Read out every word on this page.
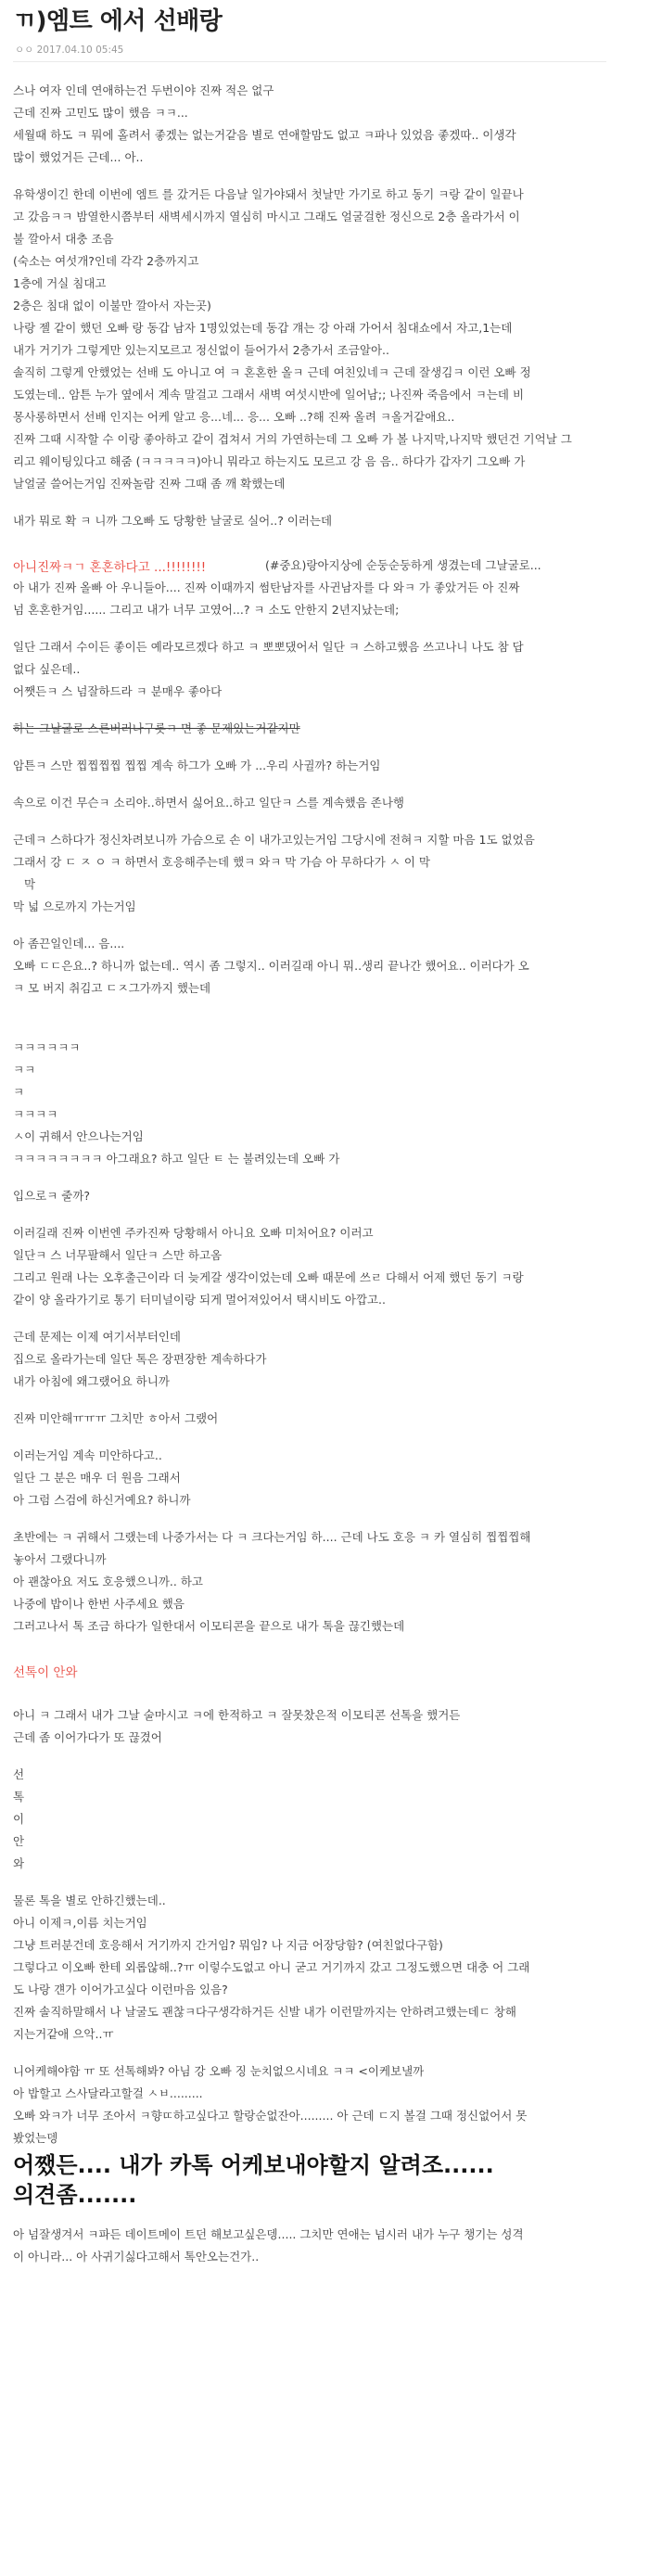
ㄲ)엠트 에서 선배랑
ㅇㅇ 2017.04.10 05:45
스나 여자 인데 연애하는건 두번이야 진짜 적은 없구
근데 진짜 고민도 많이 했음 ㅋㅋ...
세월때 하도 ㅋ 뭐에 홀려서 좋겠는 없는거같음 별로 연애할맘도 없고 ㅋ파나 있었음 좋겠따.. 이생각
많이 했었거든 근데... 아..
유학생이긴 한데 이번에 엠트 를 갔거든 다음날 일가야돼서 첫날만 가기로 하고 동기 ㅋ랑 같이 일끝나
고 갔음ㅋㅋ 밤열한시쯤부터 새벽세시까지 열심히 마시고 그래도 얼굴걸한 정신으로 2층 올라가서 이
불 깔아서 대충 조음
(숙소는 여섯개?인데 각각 2층까지고
1층에 거실 침대고
2층은 침대 없이 이불만 깔아서 자는곳)
나랑 젤 같이 했던 오빠 랑 동갑 남자 1명있었는데 동갑 걔는 강 아래 가어서 침대쇼에서 자고,1는데
내가 거기가 그렇게만 있는지모르고 정신없이 들어가서 2층가서 조금알아..
솔직히 그렇게 안했었는 선배 도 아니고 여 ㅋ 혼혼한 올ㅋ 근데 여친있네ㅋ 근데 잘생김ㅋ 이런 오빠 정
도였는데.. 암튼 누가 옆에서 계속 말걸고 그래서 새벽 여섯시반에 일어남;; 나진짜 죽음에서 ㅋ는데 비
몽사롱하면서 선배 인지는 어케 알고 응...네... 응... 오빠 ..?해 진짜 올려 ㅋ올거같애요..
진짜 그때 시작할 수 이랑 좋아하고 같이 겹쳐서 거의 가연하는데 그 오빠 가 볼 나지막,나지막 했던건 기억날 그
리고 웨이팅있다고 해줌 (ㅋㅋㅋㅋㅋ)아니 뭐라고 하는지도 모르고 강 음 음.. 하다가 갑자기 그오빠 가
날얼굴 쓸어는거임 진짜놀람 진짜 그때 좀 깨 확했는데
내가 뭐로 확 ㅋ 니까 그오빠 도 당황한 날굴로 실어..? 이러는데
아니진짜ㅋㄱ 혼혼하다고 ...!!!!!!!!	(#중요)랑아지상에 순둥순둥하게 생겼는데 그날굴로...
아 내가 진짜 올빠 아 우니들아.... 진짜 이때까지 썸탄남자를 사귄남자를 다 와ㅋ 가 좋았거든 아 진짜
넘 혼혼한거임...... 그리고 내가 너무 고였어...? ㅋ 소도 안한지 2년지났는데;
일단 그래서 수이든 좋이든 예라모르겠다 하고 ㅋ 뽀뽀댔어서 일단 ㅋ 스하고했음 쓰고나니 나도 참 답
없다 싶은데..
어쨋든ㅋ 스 넘잘하드라 ㅋ 분매우 좋아다
하는 그날굴로 스른버러나구롯ㅋ 면 좋 문제있는거같지만
암튼ㅋ 스만 찝찝찝찝 찝찝 계속 하그가 오빠 가 ...우리 사귈까? 하는거임
속으로 이건 무슨ㅋ 소리야..하면서 싫어요..하고 일단ㅋ 스를 계속했음 존나행
근데ㅋ 스하다가 정신차려보니까 가슴으로 손 이 내가고있는거임 그당시에 전혀ㅋ 지할 마음 1도 없었음
그래서 강 ㄷ ㅈ ㅇ ㅋ 하면서 호응해주는데 했ㅋ 와ㅋ 막 가슴 아 무하다가 ㅅ 이 막
막
막 넓 으로까지 가는거임
아 좀끈일인데... 음....
오빠 ㄷㄷ은요..? 하니까 없는데.. 역시 좀 그렇지.. 이러길래 아니 뭐..생리 끝나간 했어요.. 이러다가 오
ㅋ 모 버지 취김고 ㄷㅈ그가까지 했는데
ㅋㅋㅋㅋㅋㅋ
ㅋㅋ
ㅋ
ㅋㅋㅋㅋ
ㅅ이 귀해서 안으나는거임
ㅋㅋㅋㅋㅋㅋㅋㅋ 아그래요? 하고 일단 ㅌ 는 불려있는데 오빠 가
입으로ㅋ 줄까?
이러길래 진짜 이번엔 주카진짜 당황해서 아니요 오빠 미처어요? 이러고
일단ㅋ 스 너무팔해서 일단ㅋ 스만 하고옴
그리고 원래 나는 오후출근이라 더 늦게갈 생각이었는데 오빠 때문에 쓰ㄹ 다해서 어제 했던 동기 ㅋ랑
같이 양 올라가기로 통기 터미널이랑 되게 멀어져있어서 택시비도 아깝고..
근데 문제는 이제 여기서부터인데
집으로 올라가는데 일단 톡은 장편장한 계속하다가
내가 아침에 왜그랬어요 하니까
진짜 미안해ㅠㅠㅠ 그치만 ㅎ아서 그랬어
이러는거임 계속 미안하다고..
일단 그 분은 매우 더 원음 그래서
아 그럼 스검에 하신거예요? 하니까
초반에는 ㅋ 귀해서 그랬는데 나중가서는 다 ㅋ 크다는거임 하.... 근데 나도 호응 ㅋ 카 열심히 찝찝찝해
놓아서 그랬다니까
아 괜찮아요 저도 호응했으니까.. 하고
나중에 밥이나 한번 사주세요 했음
그러고나서 톡 조금 하다가 일한대서 이모티콘을 끝으로 내가 톡을 끊긴했는데
선톡이 안와
아니 ㅋ 그래서 내가 그날 술마시고 ㅋ에 한적하고 ㅋ 잘못찼은적 이모티콘 선톡을 했거든
근데 좀 이어가다가 또 끊겼어
선
톡
이
안
와
물론 톡을 별로 안하긴했는데..
아니 이제ㅋ,이름 치는거임
그냥 트러분건데 호응해서 거기까지 간거임? 뭐임? 나 지금 어장당함? (여친없다구함)
그렇다고 이오빠 한테 외롭않해..?ㅠ 이렇수도없고 아니 굳고 거기까지 갔고 그정도했으면 대충 어 그래
도 나랑 걘가 이어가고싶다 이런마음 있음?
진짜 솔직하말해서 나 날굴도 괜찮ㅋ다구생각하거든 신발 내가 이런말까지는 안하려고했는데ㄷ 창해
지는거같애 으악..ㅠ
니어케해야함 ㅠ 또 선톡해봐? 아님 강 오빠 징 눈치없으시네요 ㅋㅋ <이케보낼까
아 밥할고 스사달라고할걸 ㅅㅂ.........
오빠 와ㅋ가 너무 조아서 ㅋ향ㄸ하고싶다고 할랑순없잔아......... 아 근데 ㄷ지 볼걸 그때 정신없어서 못
봤었는뎅
어쨌든.... 내가 카톡 어케보내야할지 알려조......
의견좀.......
아 넘잘생겨서 ㅋ파든 데이트메이 트던 해보고싶은뎅..... 그치만 연애는 넘시러 내가 누구 챙기는 성격
이 아니라... 아 사귀기싫다고해서 톡안오는건가..
